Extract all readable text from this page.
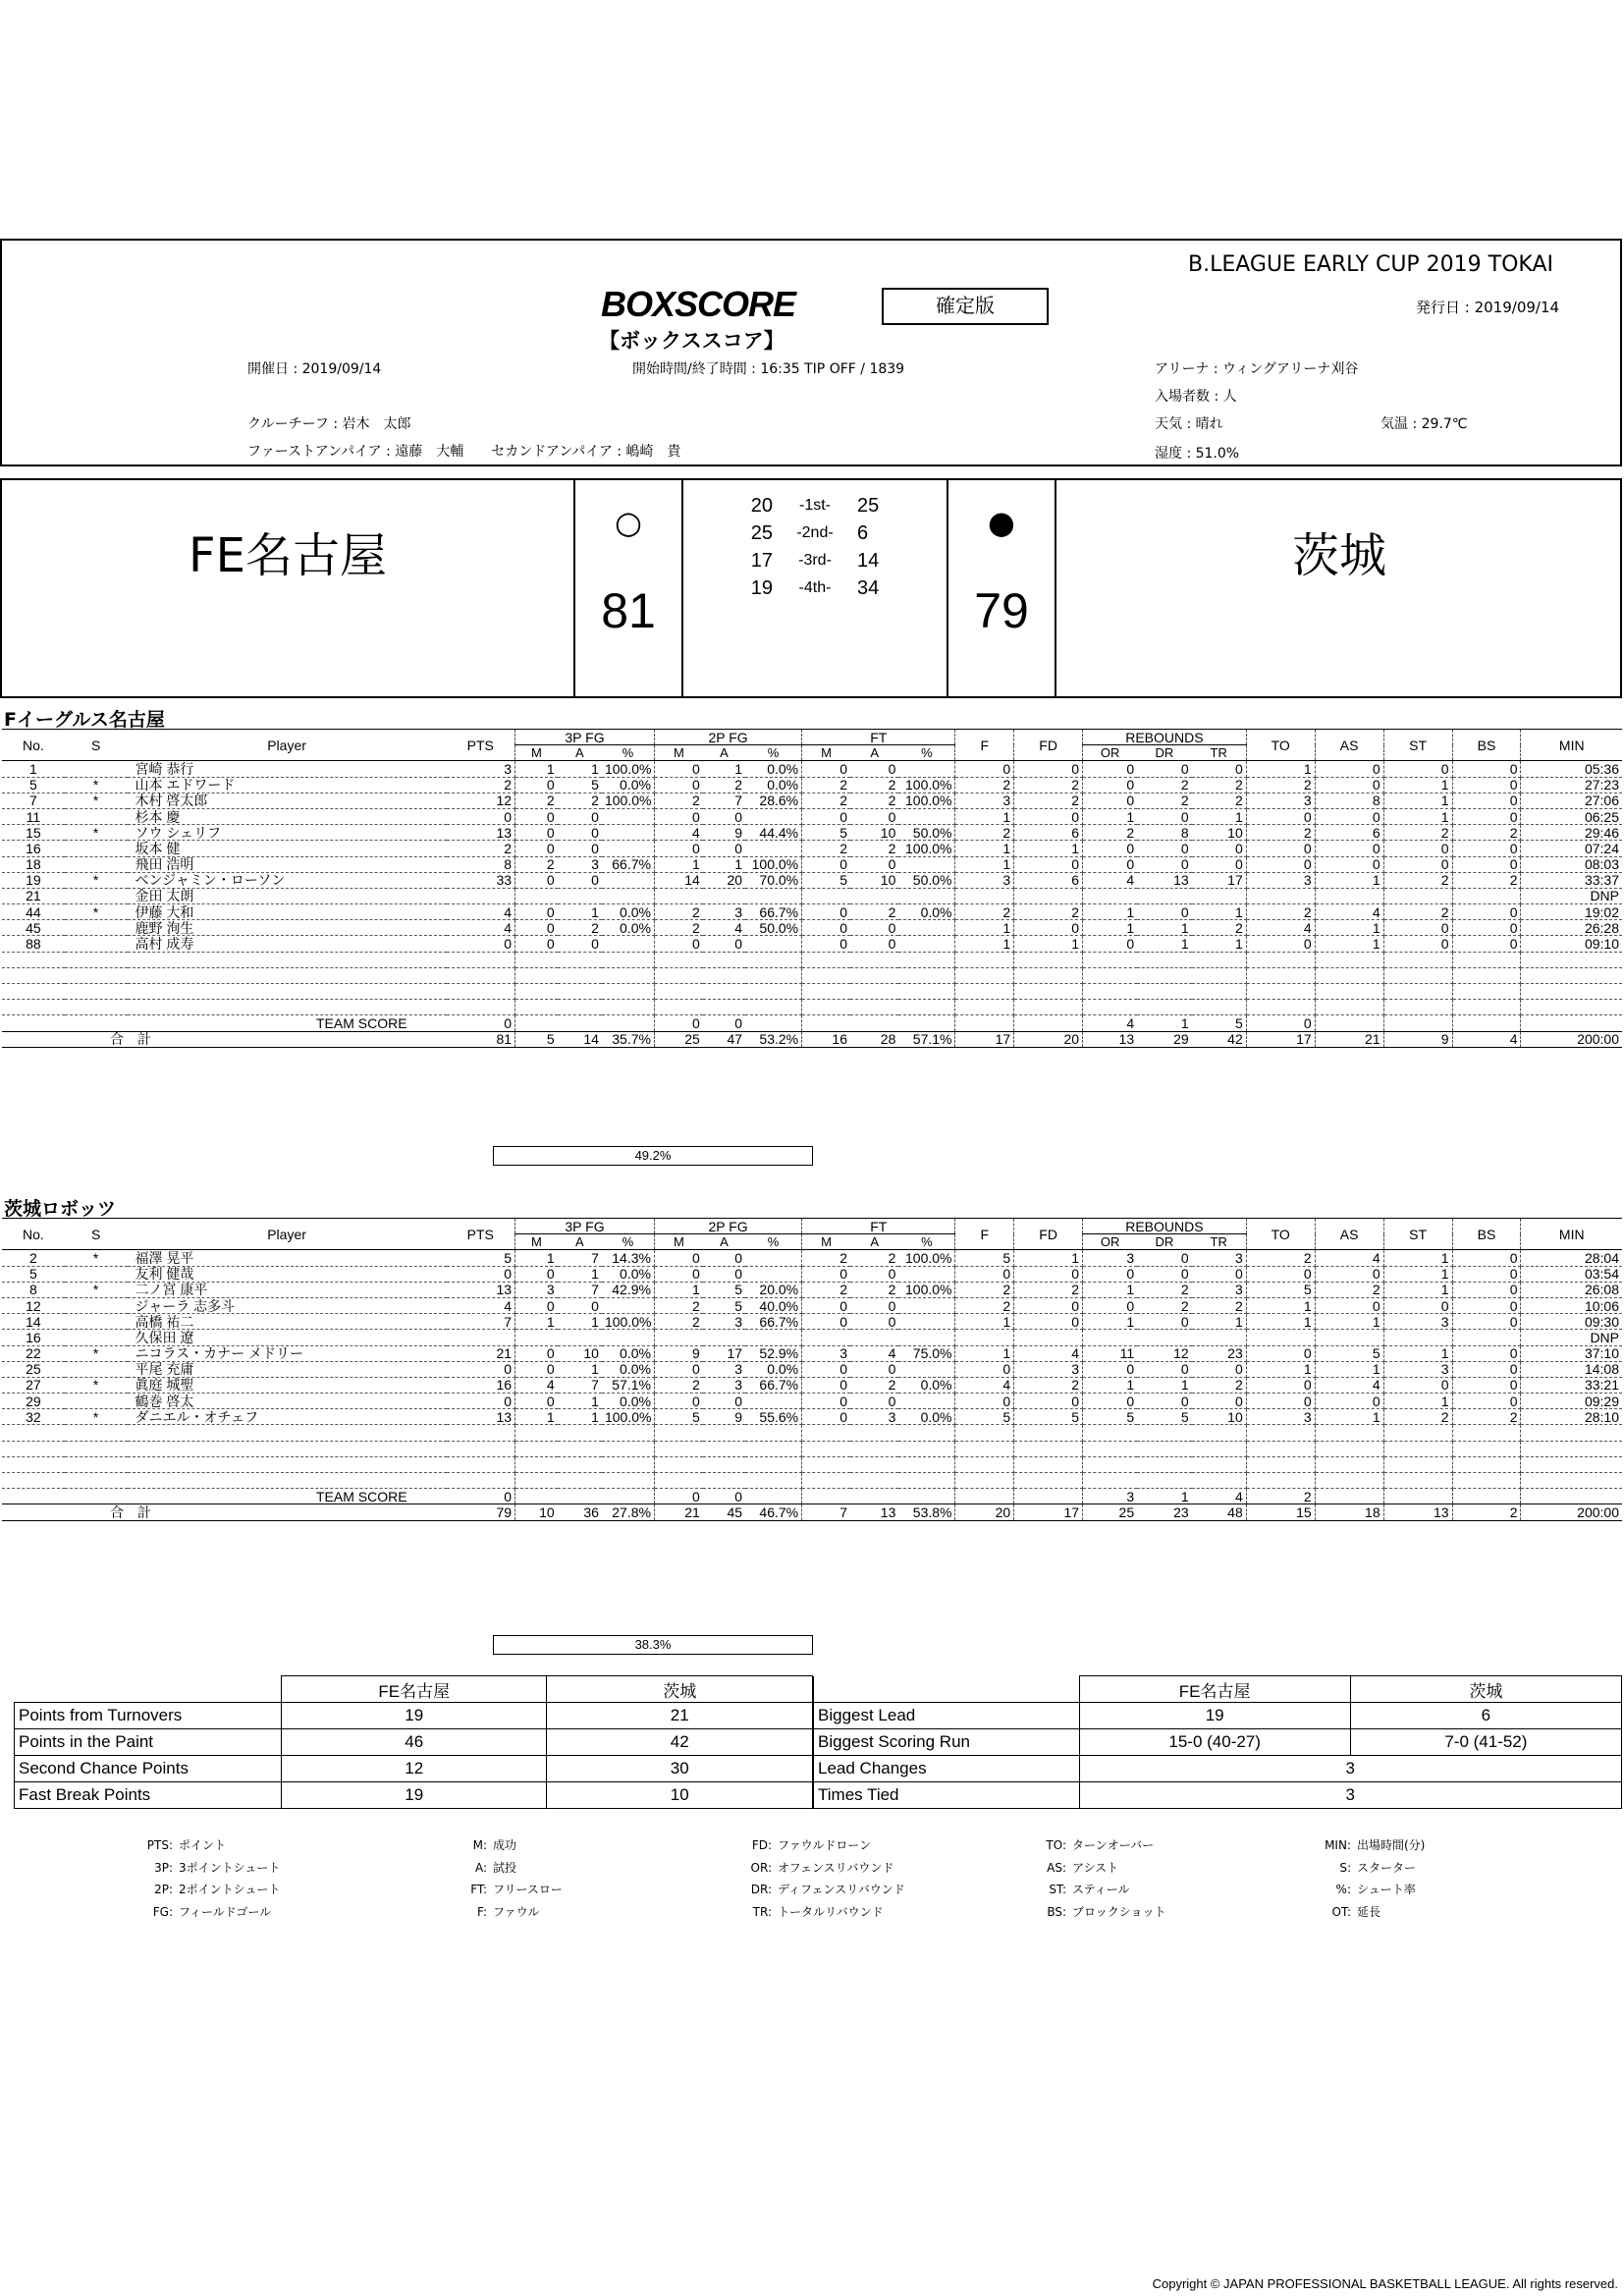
B.LEAGUE EARLY CUP 2019 TOKAI
BOXSCORE	確定版
【ボックススコア】
発行日 : 2019/09/14
開催日 : 2019/09/14	開始時間/終了時間 : 16:35 TIP OFF / 1839	アリーナ : ウィングアリーナ刈谷
入場者数 : 人
クルーチーフ : 岩木　太郎	天気 : 晴れ	気温 : 29.7℃
ファーストアンパイア : 遠藤　大輔　　セカンドアンパイア : 嶋崎　貴	湿度 : 51.0%
FE名古屋
○
81
20	-1st-	25
25	-2nd-	6
17	-3rd-	14
19	-4th-	34
●
79
茨城
Fイーグルス名古屋
No.	S	Player	PTS	3P FG			2P FG			FT			F	FD	REBOUNDS			TO	AS	ST	BS	MIN
				M	A	%	M	A	%	M	A	%			OR	DR	TR					
1		宮崎 恭行	3	1	1	100.0%	0	1	0.0%	0	0		0	0	0	0	0	1	0	0	0	05:36
5	*	山本 エドワード	2	0	5	0.0%	0	2	0.0%	2	2	100.0%	2	2	0	2	2	2	0	1	0	27:23
7	*	木村 啓太郎	12	2	2	100.0%	2	7	28.6%	2	2	100.0%	3	2	0	2	2	3	8	1	0	27:06
11		杉本 慶	0	0	0		0	0		0	0		1	0	1	0	1	0	0	1	0	06:25
15	*	ソウ シェリフ	13	0	0		4	9	44.4%	5	10	50.0%	2	6	2	8	10	2	6	2	2	29:46
16		坂本 健	2	0	0		0	0		2	2	100.0%	1	1	0	0	0	0	0	0	0	07:24
18		飛田 浩明	8	2	3	66.7%	1	1	100.0%	0	0		1	0	0	0	0	0	0	0	0	08:03
19	*	ベンジャミン・ローソン	33	0	0		14	20	70.0%	5	10	50.0%	3	6	4	13	17	3	1	2	2	33:37
21		金田 太朗																				DNP
44	*	伊藤 大和	4	0	1	0.0%	2	3	66.7%	0	2	0.0%	2	2	1	0	1	2	4	2	0	19:02
45		鹿野 洵生	4	0	2	0.0%	2	4	50.0%	0	0		1	0	1	1	2	4	1	0	0	26:28
88		高村 成寿	0	0	0		0	0		0	0		1	1	0	1	1	0	1	0	0	09:10

TEAM SCORE			0				0	0							4	1	5	0				
合　計			81	5	14	35.7%	25	47	53.2%	16	28	57.1%	17	20	13	29	42	17	21	9	4	200:00
49.2%
茨城ロボッツ
No.	S	Player	PTS	3P FG			2P FG			FT			F	FD	REBOUNDS			TO	AS	ST	BS	MIN
				M	A	%	M	A	%	M	A	%			OR	DR	TR					
2	*	福澤 晃平	5	1	7	14.3%	0	0		2	2	100.0%	5	1	3	0	3	2	4	1	0	28:04
5		友利 健哉	0	0	1	0.0%	0	0		0	0		0	0	0	0	0	0	0	1	0	03:54
8	*	二ノ宮 康平	13	3	7	42.9%	1	5	20.0%	2	2	100.0%	2	2	1	2	3	5	2	1	0	26:08
12		ジャーラ 志多斗	4	0	0		2	5	40.0%	0	0		2	0	0	2	2	1	0	0	0	10:06
14		高橋 祐二	7	1	1	100.0%	2	3	66.7%	0	0		1	0	1	0	1	1	1	3	0	09:30
16		久保田 遼																				DNP
22	*	ニコラス・カナー メドリー	21	0	10	0.0%	9	17	52.9%	3	4	75.0%	1	4	11	12	23	0	5	1	0	37:10
25		平尾 充庸	0	0	1	0.0%	0	3	0.0%	0	0		0	3	0	0	0	1	1	3	0	14:08
27	*	眞庭 城聖	16	4	7	57.1%	2	3	66.7%	0	2	0.0%	4	2	1	1	2	0	4	0	0	33:21
29		鶴巻 啓太	0	0	1	0.0%	0	0		0	0		0	0	0	0	0	0	0	1	0	09:29
32	*	ダニエル・オチェフ	13	1	1	100.0%	5	9	55.6%	0	3	0.0%	5	5	5	5	10	3	1	2	2	28:10

TEAM SCORE			0				0	0							3	1	4	2				
合　計			79	10	36	27.8%	21	45	46.7%	7	13	53.8%	20	17	25	23	48	15	18	13	2	200:00
38.3%
	FE名古屋	茨城
Points from Turnovers	19	21
Points in the Paint	46	42
Second Chance Points	12	30
Fast Break Points	19	10
	FE名古屋	茨城
Biggest Lead	19	6
Biggest Scoring Run	15-0 (40-27)	7-0 (41-52)
Lead Changes	3	
Times Tied	3	
PTS: ポイント
3P: 3ポイントシュート
2P: 2ポイントシュート
FG: フィールドゴール
M: 成功
A: 試投
FT: フリースロー
F: ファウル
FD: ファウルドローン
OR: オフェンスリバウンド
DR: ディフェンスリバウンド
TR: トータルリバウンド
TO: ターンオーバー
AS: アシスト
ST: スティール
BS: ブロックショット
MIN: 出場時間(分)
S: スターター
%: シュート率
OT: 延長
Copyright © JAPAN PROFESSIONAL BASKETBALL LEAGUE. All rights reserved.
